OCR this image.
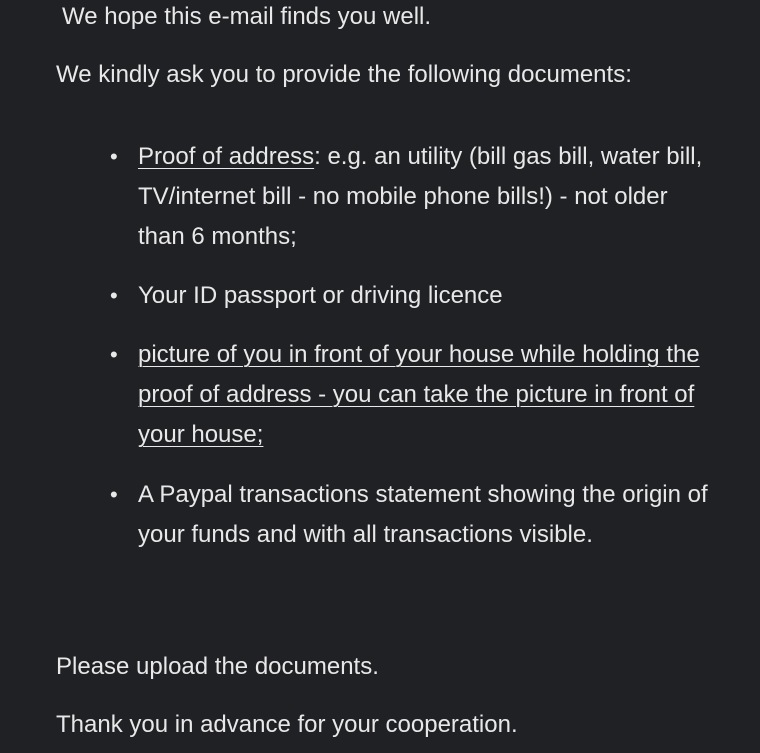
We hope this e-mail finds you well.

We kindly ask you to provide the following documents:

• Proof of address: e.g. an utility (bill gas bill, water bill, TV/internet bill - no mobile phone bills!) - not older than 6 months;

• Your ID passport or driving licence

• picture of you in front of your house while holding the proof of address - you can take the picture in front of your house;

• A Paypal transactions statement showing the origin of your funds and with all transactions visible.

Please upload the documents.

Thank you in advance for your cooperation.
